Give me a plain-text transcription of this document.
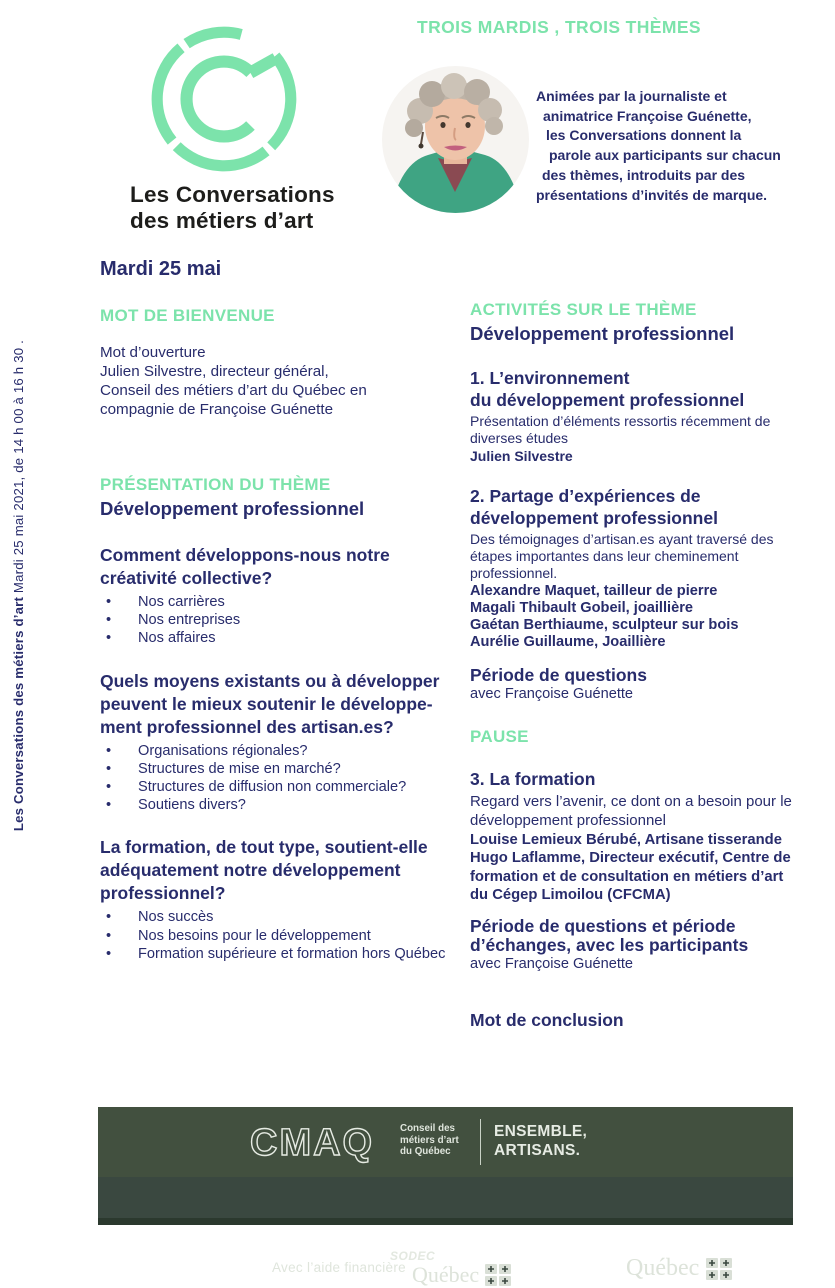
Les Conversations
des métiers d’art
TROIS MARDIS , TROIS THÈMES
Animées par la journaliste et
animatrice Françoise Guénette,
les Conversations donnent la
parole aux participants sur chacun
des thèmes, introduits par des
présentations d’invités de marque.
Les Conversations des métiers d’art Mardi 25 mai 2021, de 14 h 00 à 16 h 30 .
Mardi 25 mai
MOT DE BIENVENUE
Mot d’ouverture
Julien Silvestre, directeur général,
Conseil des métiers d’art du Québec en
compagnie de Françoise Guénette
PRÉSENTATION DU THÈME
Développement professionnel
Comment développons-nous notre
créativité collective?
• Nos carrières
• Nos entreprises
• Nos affaires
Quels moyens existants ou à développer
peuvent le mieux soutenir le développe-
ment professionnel des artisan.es?
• Organisations régionales?
• Structures de mise en marché?
• Structures de diffusion non commerciale?
• Soutiens divers?
La formation, de tout type, soutient-elle
adéquatement notre développement
professionnel?
• Nos succès
• Nos besoins pour le développement
• Formation supérieure et formation hors Québec
ACTIVITÉS SUR LE THÈME
Développement professionnel
1. L’environnement
du développement professionnel
Présentation d’éléments ressortis récemment de diverses études
Julien Silvestre
2. Partage d’expériences de
développement professionnel
Des témoignages d’artisan.es ayant traversé des étapes importantes dans leur cheminement professionnel.
Alexandre Maquet, tailleur de pierre
Magali Thibault Gobeil, joaillière
Gaétan Berthiaume, sculpteur sur bois
Aurélie Guillaume, Joaillière
Période de questions
avec Françoise Guénette
PAUSE
3. La formation
Regard vers l’avenir, ce dont on a besoin pour le développement professionnel
Louise Lemieux Bérubé, Artisane tisserande
Hugo Laflamme, Directeur exécutif, Centre de formation et de consultation en métiers d’art du Cégep Limoilou (CFCMA)
Période de questions et période
d’échanges, avec les participants
avec Françoise Guénette
Mot de conclusion
CMAQ	Conseil des
métiers d’art
du Québec
ENSEMBLE,
ARTISANS.
Avec l’aide financière
SODEC
Québec	Québec
